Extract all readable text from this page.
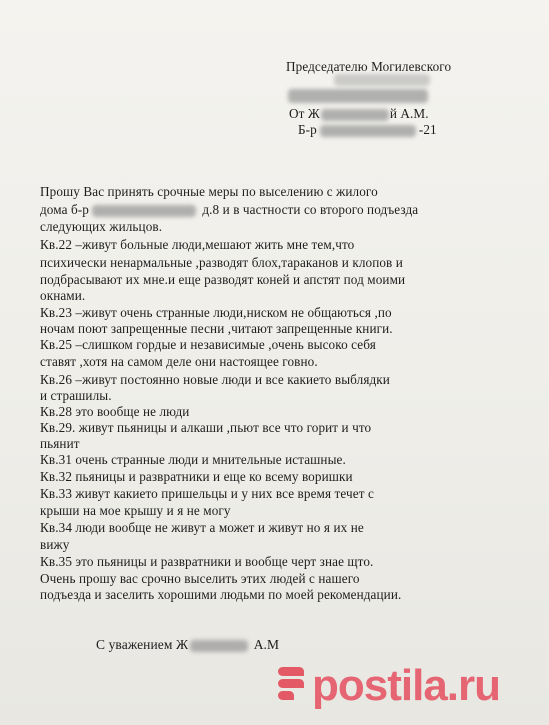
Председателю Могилевского
От Ж	й А.М.
Б-р	-21
Прошу Вас принять срочные меры по выселению с жилого
дома б-р	д.8 и в частности со второго подъезда
следующих жильцов.
Кв.22 –живут больные люди,мешают жить мне тем,что
психически ненармальные ,разводят блох,тараканов и клопов и
подбрасывают их мне.и еще разводят коней и апстят под моими
окнами.
Кв.23 –живут очень странные люди,ниском не общаються ,по
ночам поют запрещенные песни ,читают запрещенные книги.
Кв.25 –слишком гордые и независимые ,очень высоко себя
ставят ,хотя на самом деле они настоящее говно.
Кв.26 –живут постоянно новые люди и все какието выблядки
и страшилы.
Кв.28 это вообще не люди
Кв.29. живут пьяницы и алкаши ,пьют все что горит и что
пьянит
Кв.31 очень странные люди и мнительные исташные.
Кв.32 пьяницы и развратники и еще ко всему воришки
Кв.33 живут какието пришельцы и у них все время течет с
крыши на мое крышу и я не могу
Кв.34 люди вообще не живут а может и живут но я их не
вижу
Кв.35 это пьяницы и развратники и вообще черт знае щто.
Очень прошу вас срочно выселить этих людей с нашего
подъезда и заселить хорошими людьми по моей рекомендации.
С уважением Ж	А.М
postila.ru
